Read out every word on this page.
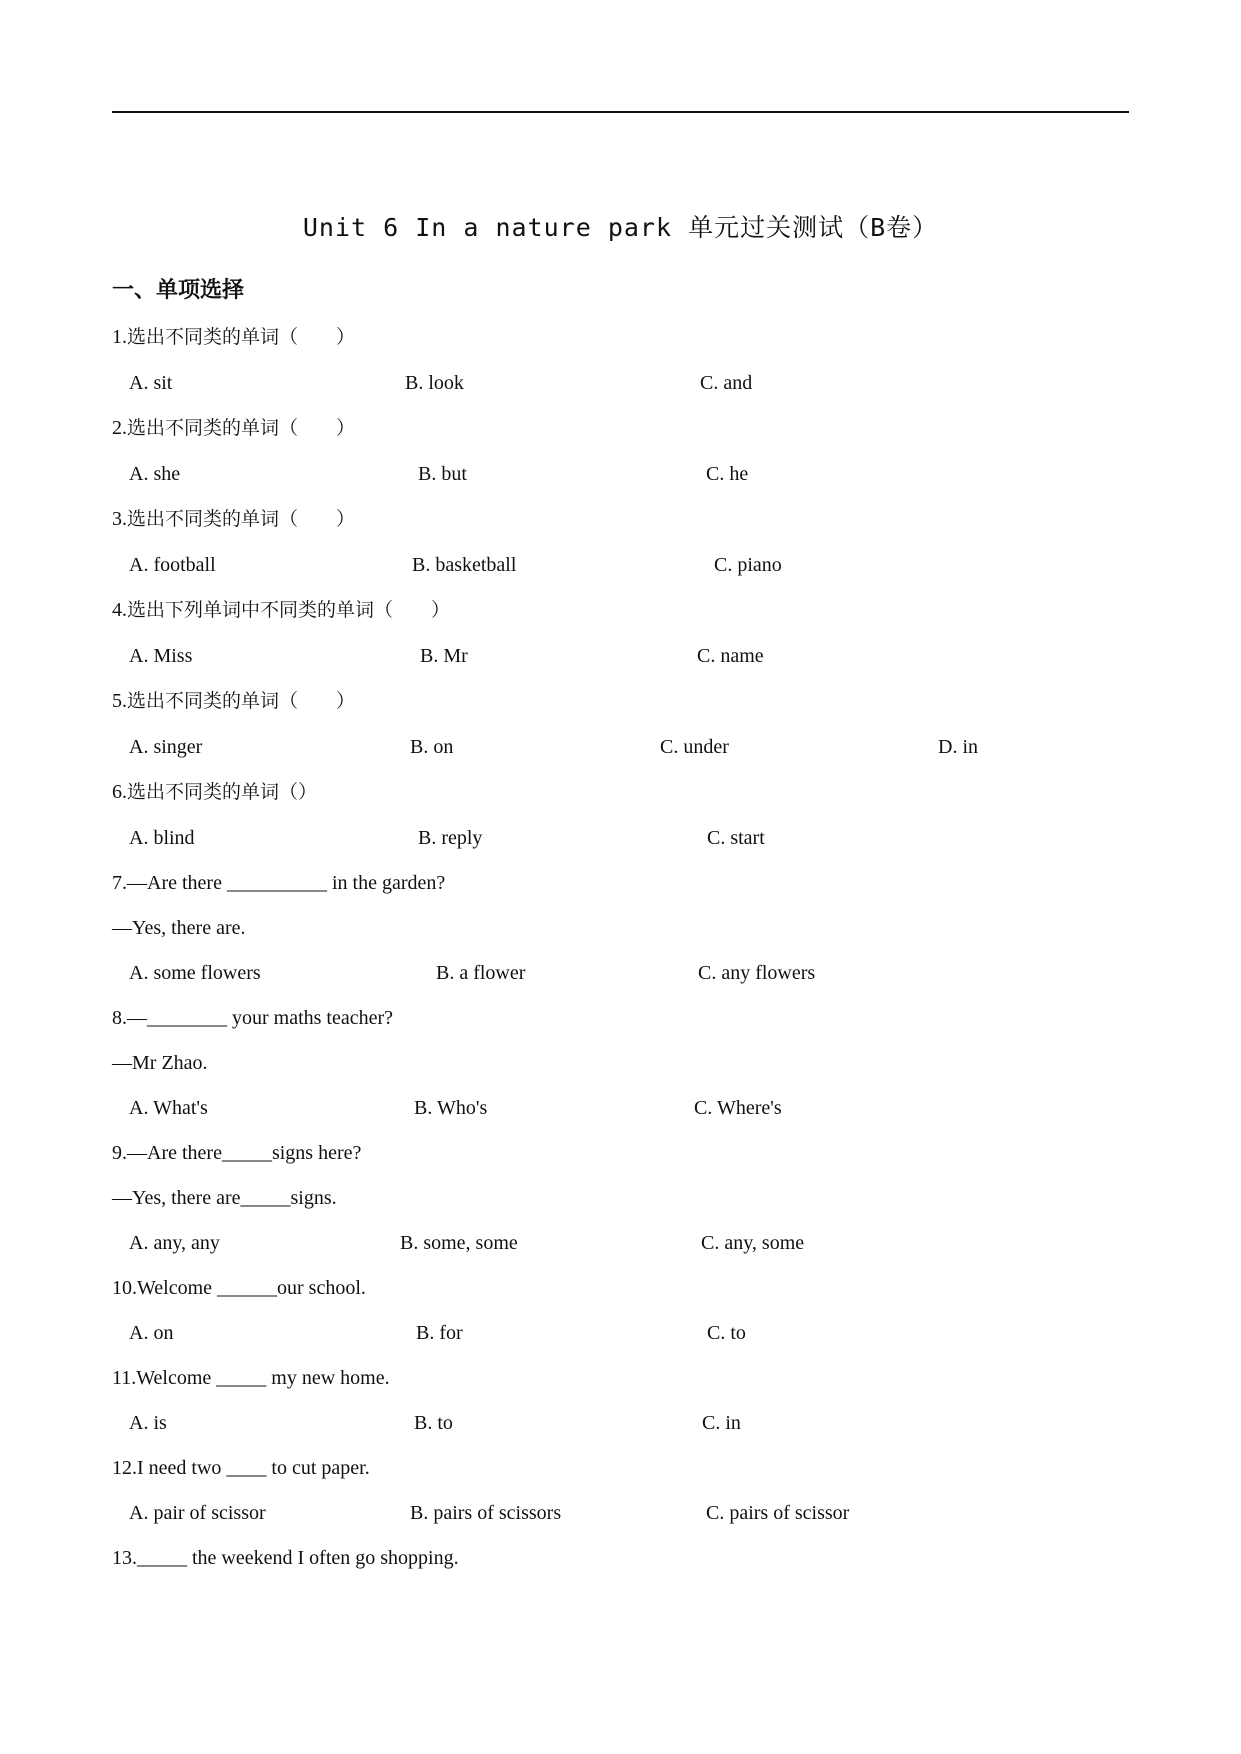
Unit 6 In a nature park 单元过关测试（B卷）
一、单项选择
1.选出不同类的单词（　　）
A. sit	B. look	C. and
2.选出不同类的单词（　　）
A. she	B. but	C. he
3.选出不同类的单词（　　）
A. football	B. basketball	C. piano
4.选出下列单词中不同类的单词（　　）
A. Miss	B. Mr	C. name
5.选出不同类的单词（　　）
A. singer	B. on	C. under	D. in
6.选出不同类的单词（）
A. blind	B. reply	C. start
7.—Are there __________ in the garden?
—Yes, there are.
A. some flowers	B. a flower	C. any flowers
8.—________ your maths teacher?
—Mr Zhao.
A. What's	B. Who's	C. Where's
9.—Are there_____signs here?
—Yes, there are_____signs.
A. any, any	B. some, some	C. any, some
10.Welcome ______our school.
A. on	B. for	C. to
11.Welcome _____ my new home.
A. is	B. to	C. in
12.I need two ____ to cut paper.
A. pair of scissor	B. pairs of scissors	C. pairs of scissor
13._____ the weekend I often go shopping.
